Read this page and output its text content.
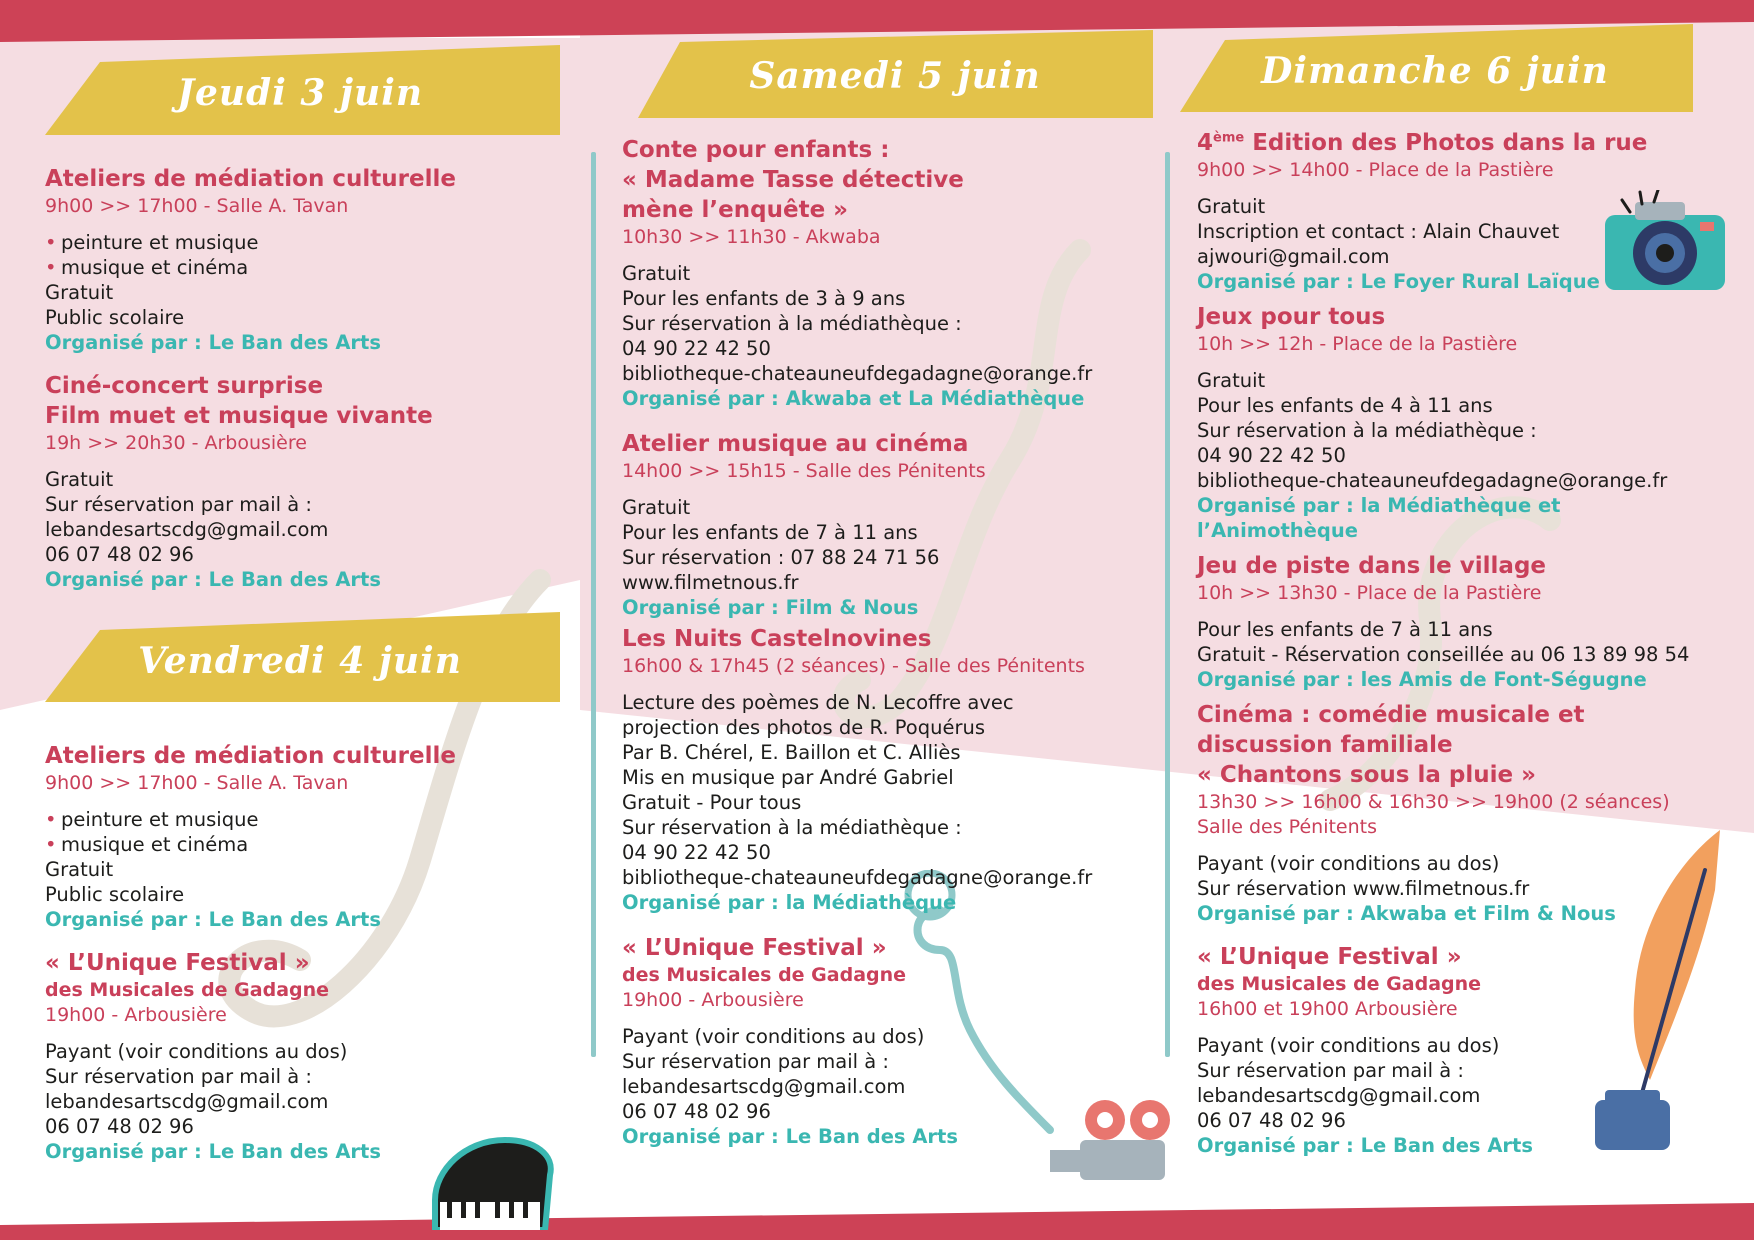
Jeudi 3 juin
Vendredi 4 juin
Samedi 5 juin	Dimanche 6 juin
Ateliers de médiation culturelle
9h00 >> 17h00 - Salle A. Tavan
• peinture et musique
• musique et cinéma
Gratuit
Public scolaire
Organisé par : Le Ban des Arts
Ciné-concert surprise
Film muet et musique vivante
19h >> 20h30 - Arbousière
Gratuit
Sur réservation par mail à :
lebandesartscdg@gmail.com
06 07 48 02 96
Organisé par : Le Ban des Arts
Ateliers de médiation culturelle
9h00 >> 17h00 - Salle A. Tavan
• peinture et musique
• musique et cinéma
Gratuit
Public scolaire
Organisé par : Le Ban des Arts
« L’Unique Festival »
des Musicales de Gadagne
19h00 - Arbousière
Payant (voir conditions au dos)
Sur réservation par mail à :
lebandesartscdg@gmail.com
06 07 48 02 96
Organisé par : Le Ban des Arts
Conte pour enfants :
« Madame Tasse détective
mène l’enquête »
10h30 >> 11h30 - Akwaba
Gratuit
Pour les enfants de 3 à 9 ans
Sur réservation à la médiathèque :
04 90 22 42 50
bibliotheque-chateauneufdegadagne@orange.fr
Organisé par : Akwaba et La Médiathèque
Atelier musique au cinéma
14h00 >> 15h15 - Salle des Pénitents
Gratuit
Pour les enfants de 7 à 11 ans
Sur réservation : 07 88 24 71 56
www.filmetnous.fr
Organisé par : Film & Nous
Les Nuits Castelnovines
16h00 & 17h45 (2 séances) - Salle des Pénitents
Lecture des poèmes de N. Lecoffre avec
projection des photos de R. Poquérus
Par B. Chérel, E. Baillon et C. Alliès
Mis en musique par André Gabriel
Gratuit - Pour tous
Sur réservation à la médiathèque :
04 90 22 42 50
bibliotheque-chateauneufdegadagne@orange.fr
Organisé par : la Médiathèque
« L’Unique Festival »
des Musicales de Gadagne
19h00 - Arbousière
Payant (voir conditions au dos)
Sur réservation par mail à :
lebandesartscdg@gmail.com
06 07 48 02 96
Organisé par : Le Ban des Arts
4ème Edition des Photos dans la rue
9h00 >> 14h00 - Place de la Pastière
Gratuit
Inscription et contact : Alain Chauvet
ajwouri@gmail.com
Organisé par : Le Foyer Rural Laïque
Jeux pour tous
10h >> 12h - Place de la Pastière
Gratuit
Pour les enfants de 4 à 11 ans
Sur réservation à la médiathèque :
04 90 22 42 50
bibliotheque-chateauneufdegadagne@orange.fr
Organisé par : la Médiathèque et
l’Animothèque
Jeu de piste dans le village
10h >> 13h30 - Place de la Pastière
Pour les enfants de 7 à 11 ans
Gratuit - Réservation conseillée au 06 13 89 98 54
Organisé par : les Amis de Font-Ségugne
Cinéma : comédie musicale et
discussion familiale
« Chantons sous la pluie »
13h30 >> 16h00 & 16h30 >> 19h00 (2 séances)
Salle des Pénitents
Payant (voir conditions au dos)
Sur réservation www.filmetnous.fr
Organisé par : Akwaba et Film & Nous
« L’Unique Festival »
des Musicales de Gadagne
16h00 et 19h00 Arbousière
Payant (voir conditions au dos)
Sur réservation par mail à :
lebandesartscdg@gmail.com
06 07 48 02 96
Organisé par : Le Ban des Arts
